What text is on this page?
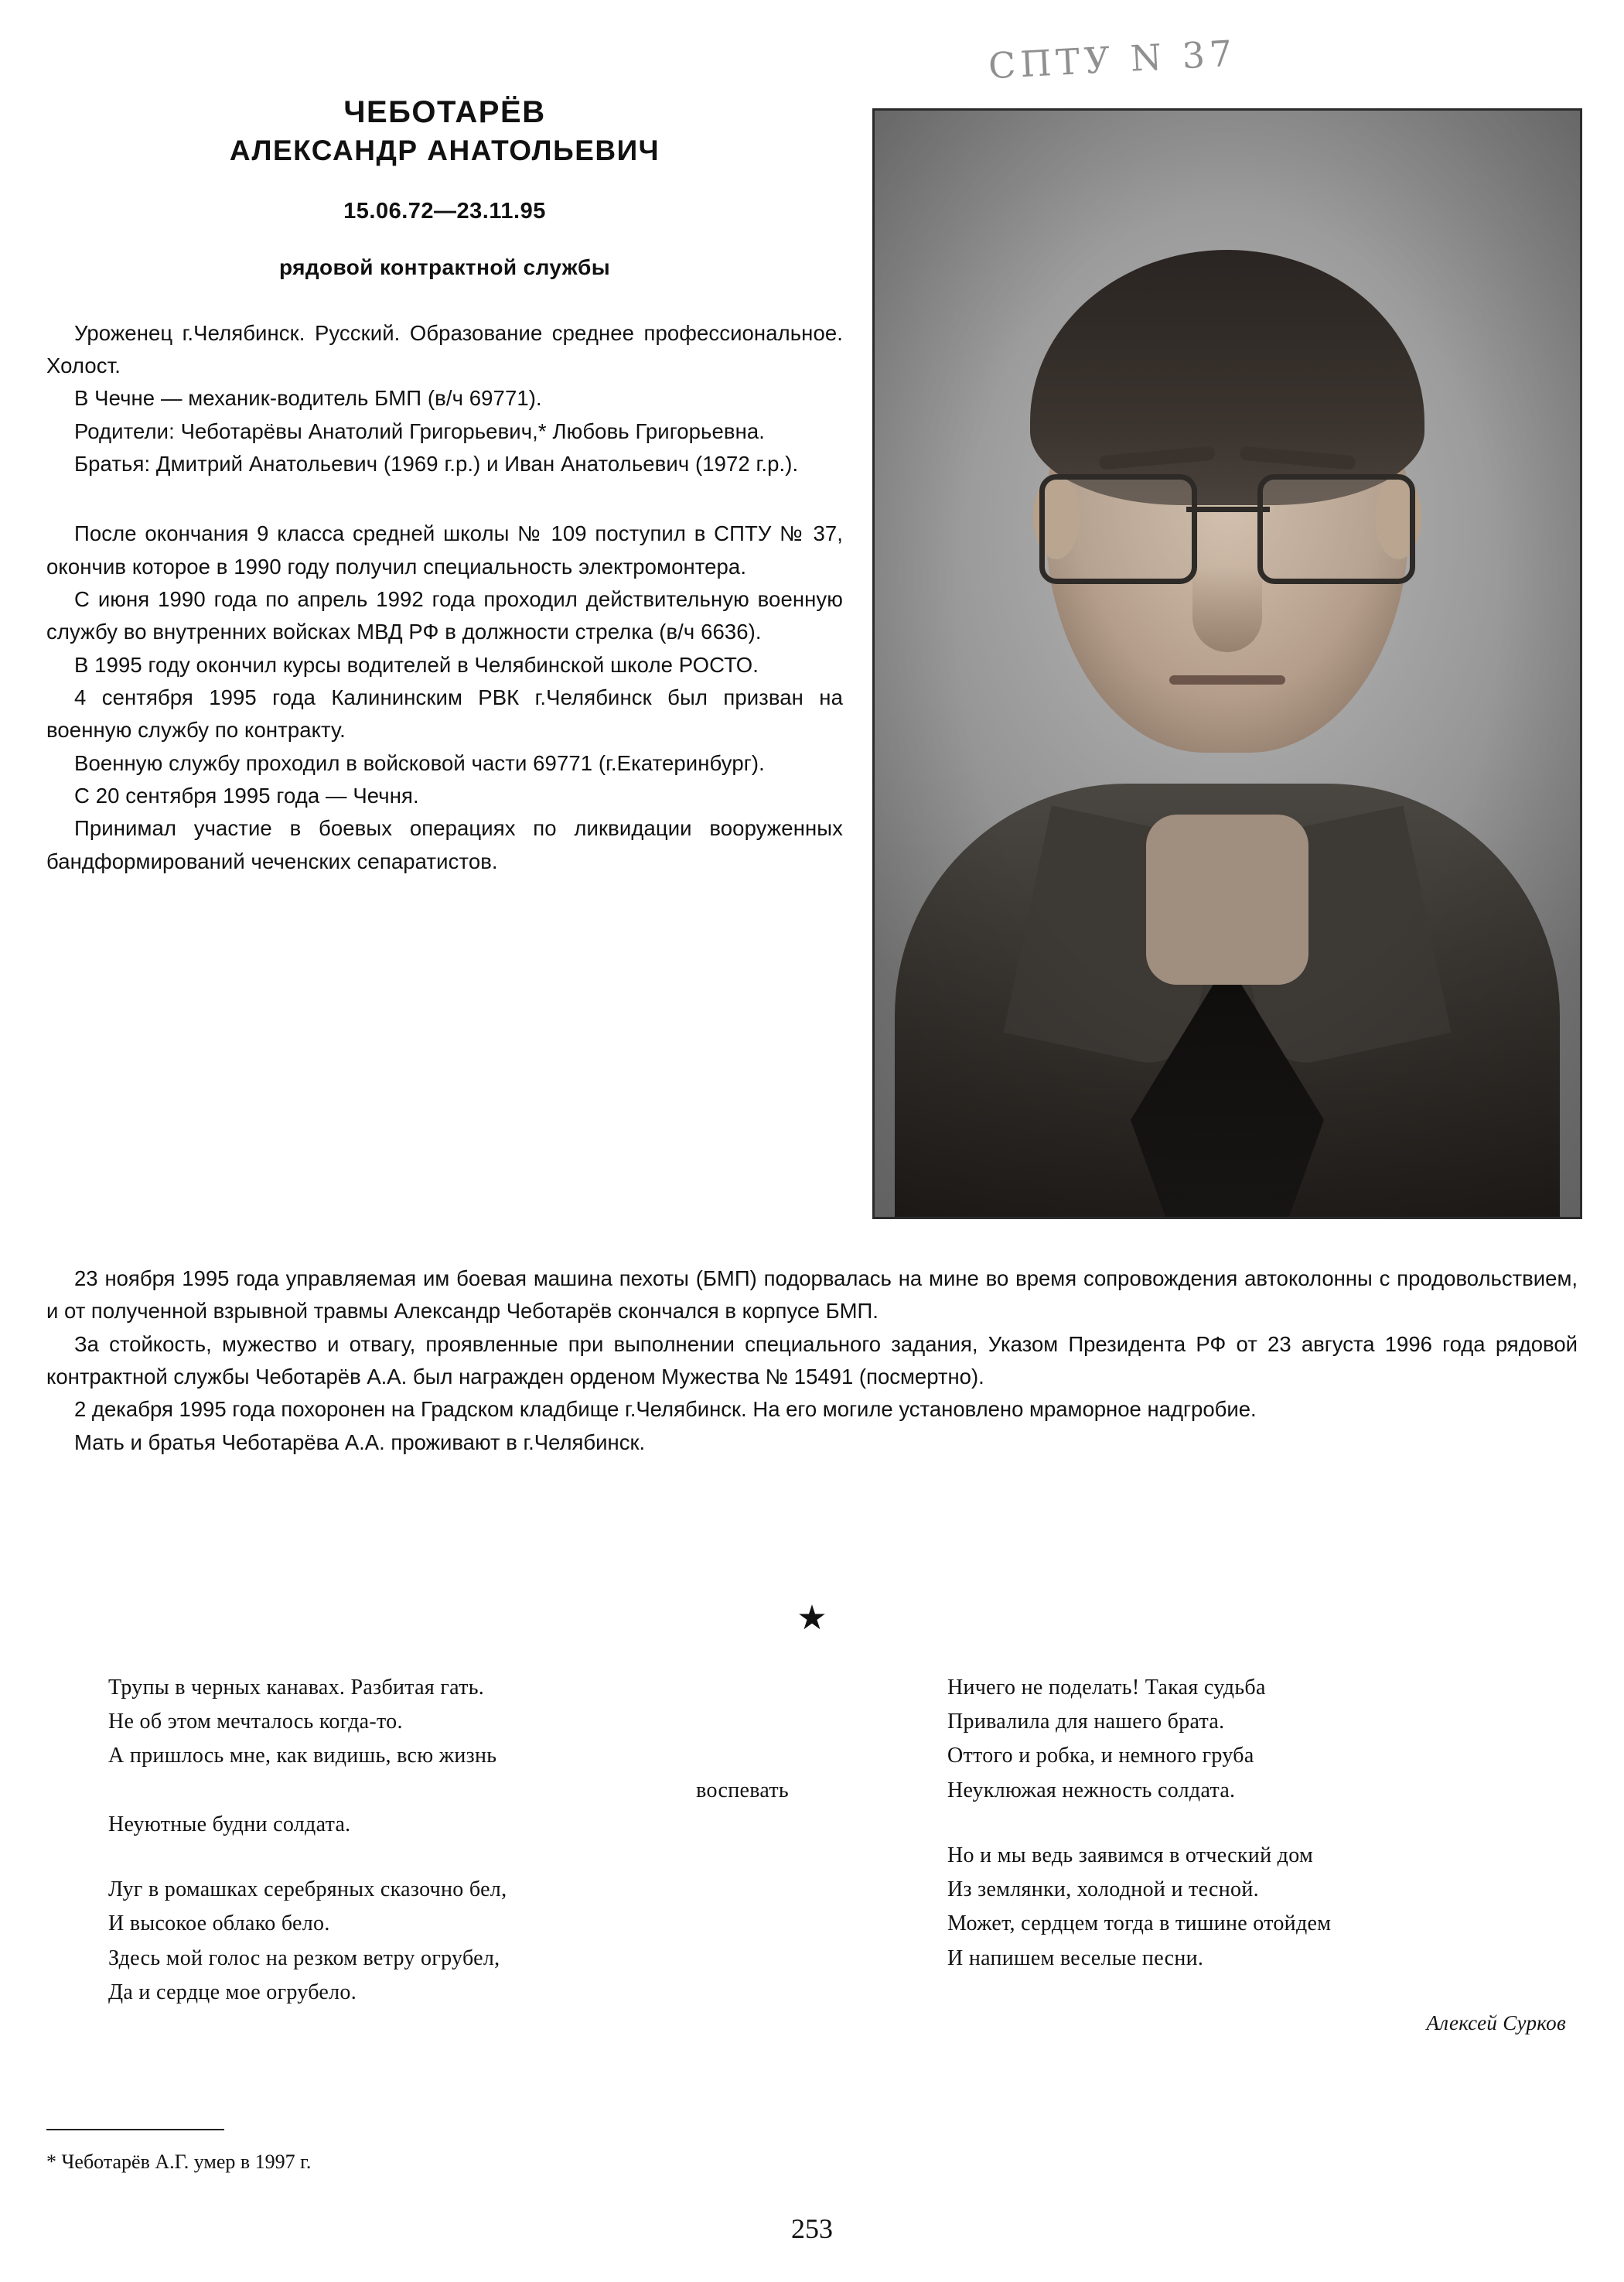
ЧЕБОТАРЁВ
АЛЕКСАНДР АНАТОЛЬЕВИЧ
15.06.72—23.11.95
рядовой контрактной службы

Уроженец г.Челябинск. Русский. Образование среднее профессиональное. Холост.

В Чечне — механик-водитель БМП (в/ч 69771).

Родители: Чеботарёвы Анатолий Григорьевич,* Любовь Григорьевна.

Братья: Дмитрий Анатольевич (1969 г.р.) и Иван Анатольевич (1972 г.р.).

После окончания 9 класса средней школы № 109 поступил в СПТУ № 37, окончив которое в 1990 году получил специальность электромонтера.

С июня 1990 года по апрель 1992 года проходил действительную военную службу во внутренних войсках МВД РФ в должности стрелка (в/ч 6636).

В 1995 году окончил курсы водителей в Челябинской школе РОСТО.

4 сентября 1995 года Калининским РВК г.Челябинск был призван на военную службу по контракту.

Военную службу проходил в войсковой части 69771 (г.Екатеринбург).

С 20 сентября 1995 года — Чечня.

Принимал участие в боевых операциях по ликвидации вооруженных бандформирований чеченских сепаратистов.

СПТУ N 37

23 ноября 1995 года управляемая им боевая машина пехоты (БМП) подорвалась на мине во время сопровождения автоколонны с продовольствием, и от полученной взрывной травмы Александр Чеботарёв скончался в корпусе БМП.

За стойкость, мужество и отвагу, проявленные при выполнении специального задания, Указом Президента РФ от 23 августа 1996 года рядовой контрактной службы Чеботарёв А.А. был награжден орденом Мужества № 15491 (посмертно).

2 декабря 1995 года похоронен на Градском кладбище г.Челябинск. На его могиле установлено мраморное надгробие.

Мать и братья Чеботарёва А.А. проживают в г.Челябинск.

★
Трупы в черных канавах. Разбитая гать.
Не об этом мечталось когда-то.
А пришлось мне, как видишь, всю жизнь
воспевать
Неуютные будни солдата.
Луг в ромашках серебряных сказочно бел,
И высокое облако бело.
Здесь мой голос на резком ветру огрубел,
Да и сердце мое огрубело.
Ничего не поделать! Такая судьба
Привалила для нашего брата.
Оттого и робка, и немного груба
Неуклюжая нежность солдата.
Но и мы ведь заявимся в отческий дом
Из землянки, холодной и тесной.
Может, сердцем тогда в тишине отойдем
И напишем веселые песни.
Алексей Сурков
* Чеботарёв А.Г. умер в 1997 г.
253
